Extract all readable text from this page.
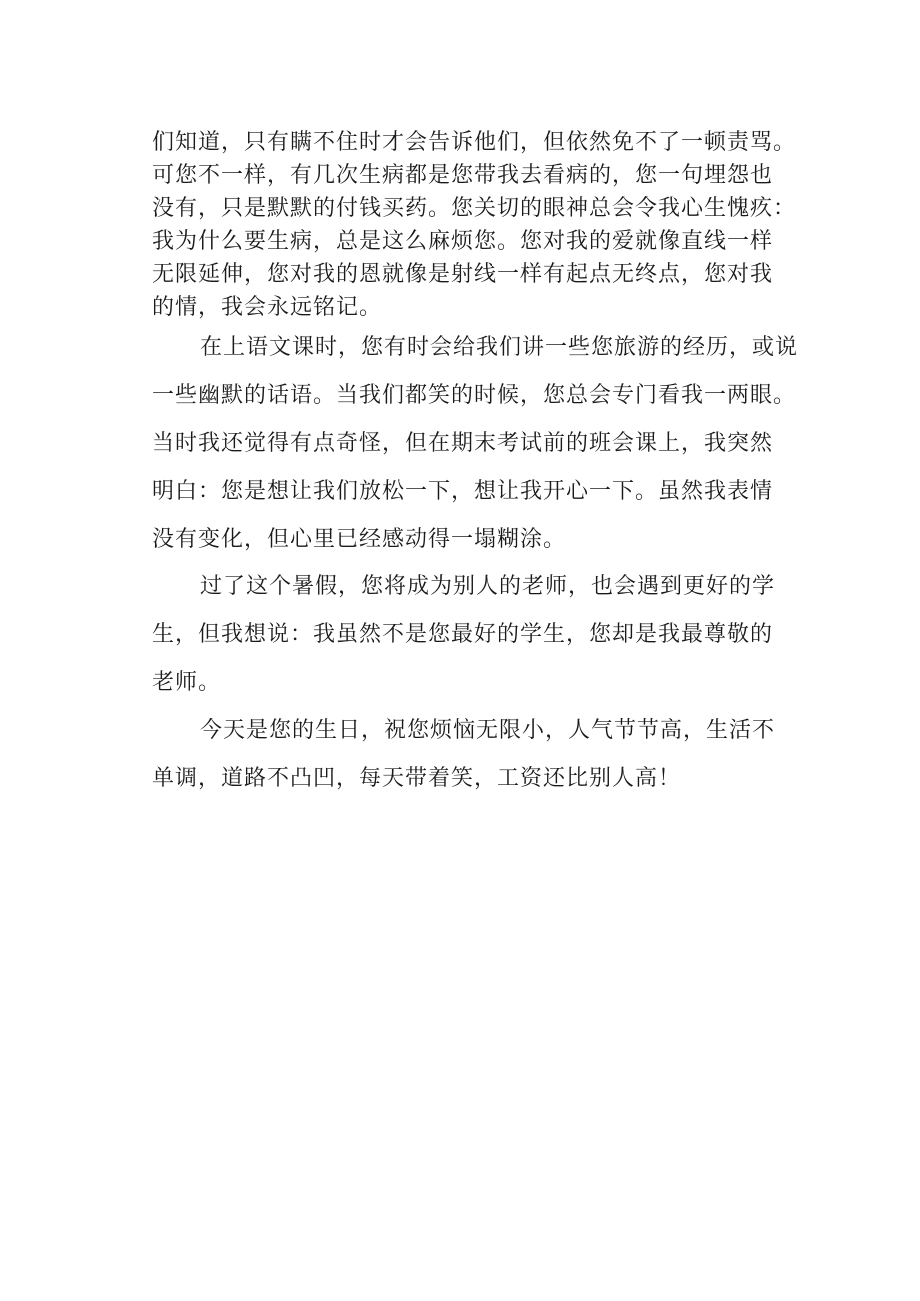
们知道，只有瞒不住时才会告诉他们，但依然免不了一顿责骂。
可您不一样，有几次生病都是您带我去看病的，您一句埋怨也
没有，只是默默的付钱买药。您关切的眼神总会令我心生愧疚：
我为什么要生病，总是这么麻烦您。您对我的爱就像直线一样
无限延伸，您对我的恩就像是射线一样有起点无终点，您对我
的情，我会永远铭记。
在上语文课时，您有时会给我们讲一些您旅游的经历，或说
一些幽默的话语。当我们都笑的时候，您总会专门看我一两眼。
当时我还觉得有点奇怪，但在期末考试前的班会课上，我突然
明白：您是想让我们放松一下，想让我开心一下。虽然我表情
没有变化，但心里已经感动得一塌糊涂。
过了这个暑假，您将成为别人的老师，也会遇到更好的学
生，但我想说：我虽然不是您最好的学生，您却是我最尊敬的
老师。
今天是您的生日，祝您烦恼无限小，人气节节高，生活不
单调，道路不凸凹，每天带着笑，工资还比别人高！
